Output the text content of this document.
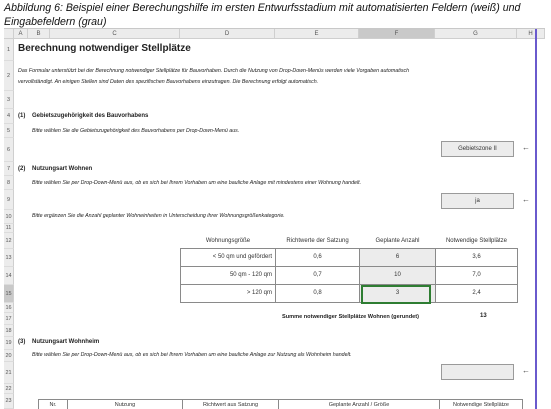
Abbildung 6: Beispiel einer Berechungshilfe im ersten Entwurfsstadium mit automatisierten Feldern (weiß) und Eingabefeldern (grau)
A	B	C	D	E	F	G	H
1
2
3
4
5
6
7
8
9
10
11
12
13
14
15
16
17
18
19
20
21
22
23
Berechnung notwendiger Stellplätze
Das Formular unterstützt bei der Berechnung notwendiger Stellplätze für Bauvorhaben. Durch die Nutzung von Drop-Down-Menüs werden viele Vorgaben automatisch
vervollständigt. An einigen Stellen sind Daten des spezifischen Bauvorhabens einzutragen. Die Berechnung erfolgt automatisch.
(1) Gebietszugehörigkeit des Bauvorhabens
Bitte wählen Sie die Gebietszugehörigkeit des Bauvorhabens per Drop-Down-Menü aus.
Gebietszone II	←
(2) Nutzungsart Wohnen
Bitte wählen Sie per Drop-Down-Menü aus, ob es sich bei Ihrem Vorhaben um eine bauliche Anlage mit mindestens einer Wohnung handelt.
ja	←
Bitte ergänzen Sie die Anzahl geplanter Wohneinheiten in Unterscheidung ihrer Wohnungsgrößenkategorie.
Wohnungsgröße	Richtwerte der Satzung	Geplante Anzahl	Notwendige Stellplätze
< 50 qm und gefördert	0,6	6	3,6
50 qm - 120 qm	0,7	10	7,0
> 120 qm	0,8	3	2,4
Summe notwendiger Stellplätze Wohnen (gerundet)	13
(3) Nutzungsart Wohnheim
Bitte wählen Sie per Drop-Down-Menü aus, ob es sich bei Ihrem Vorhaben um eine bauliche Anlage zur Nutzung als Wohnheim handelt.
←
Nr.	Nutzung	Richtwert aus Satzung	Geplante Anzahl / Größe	Notwendige Stellplätze
